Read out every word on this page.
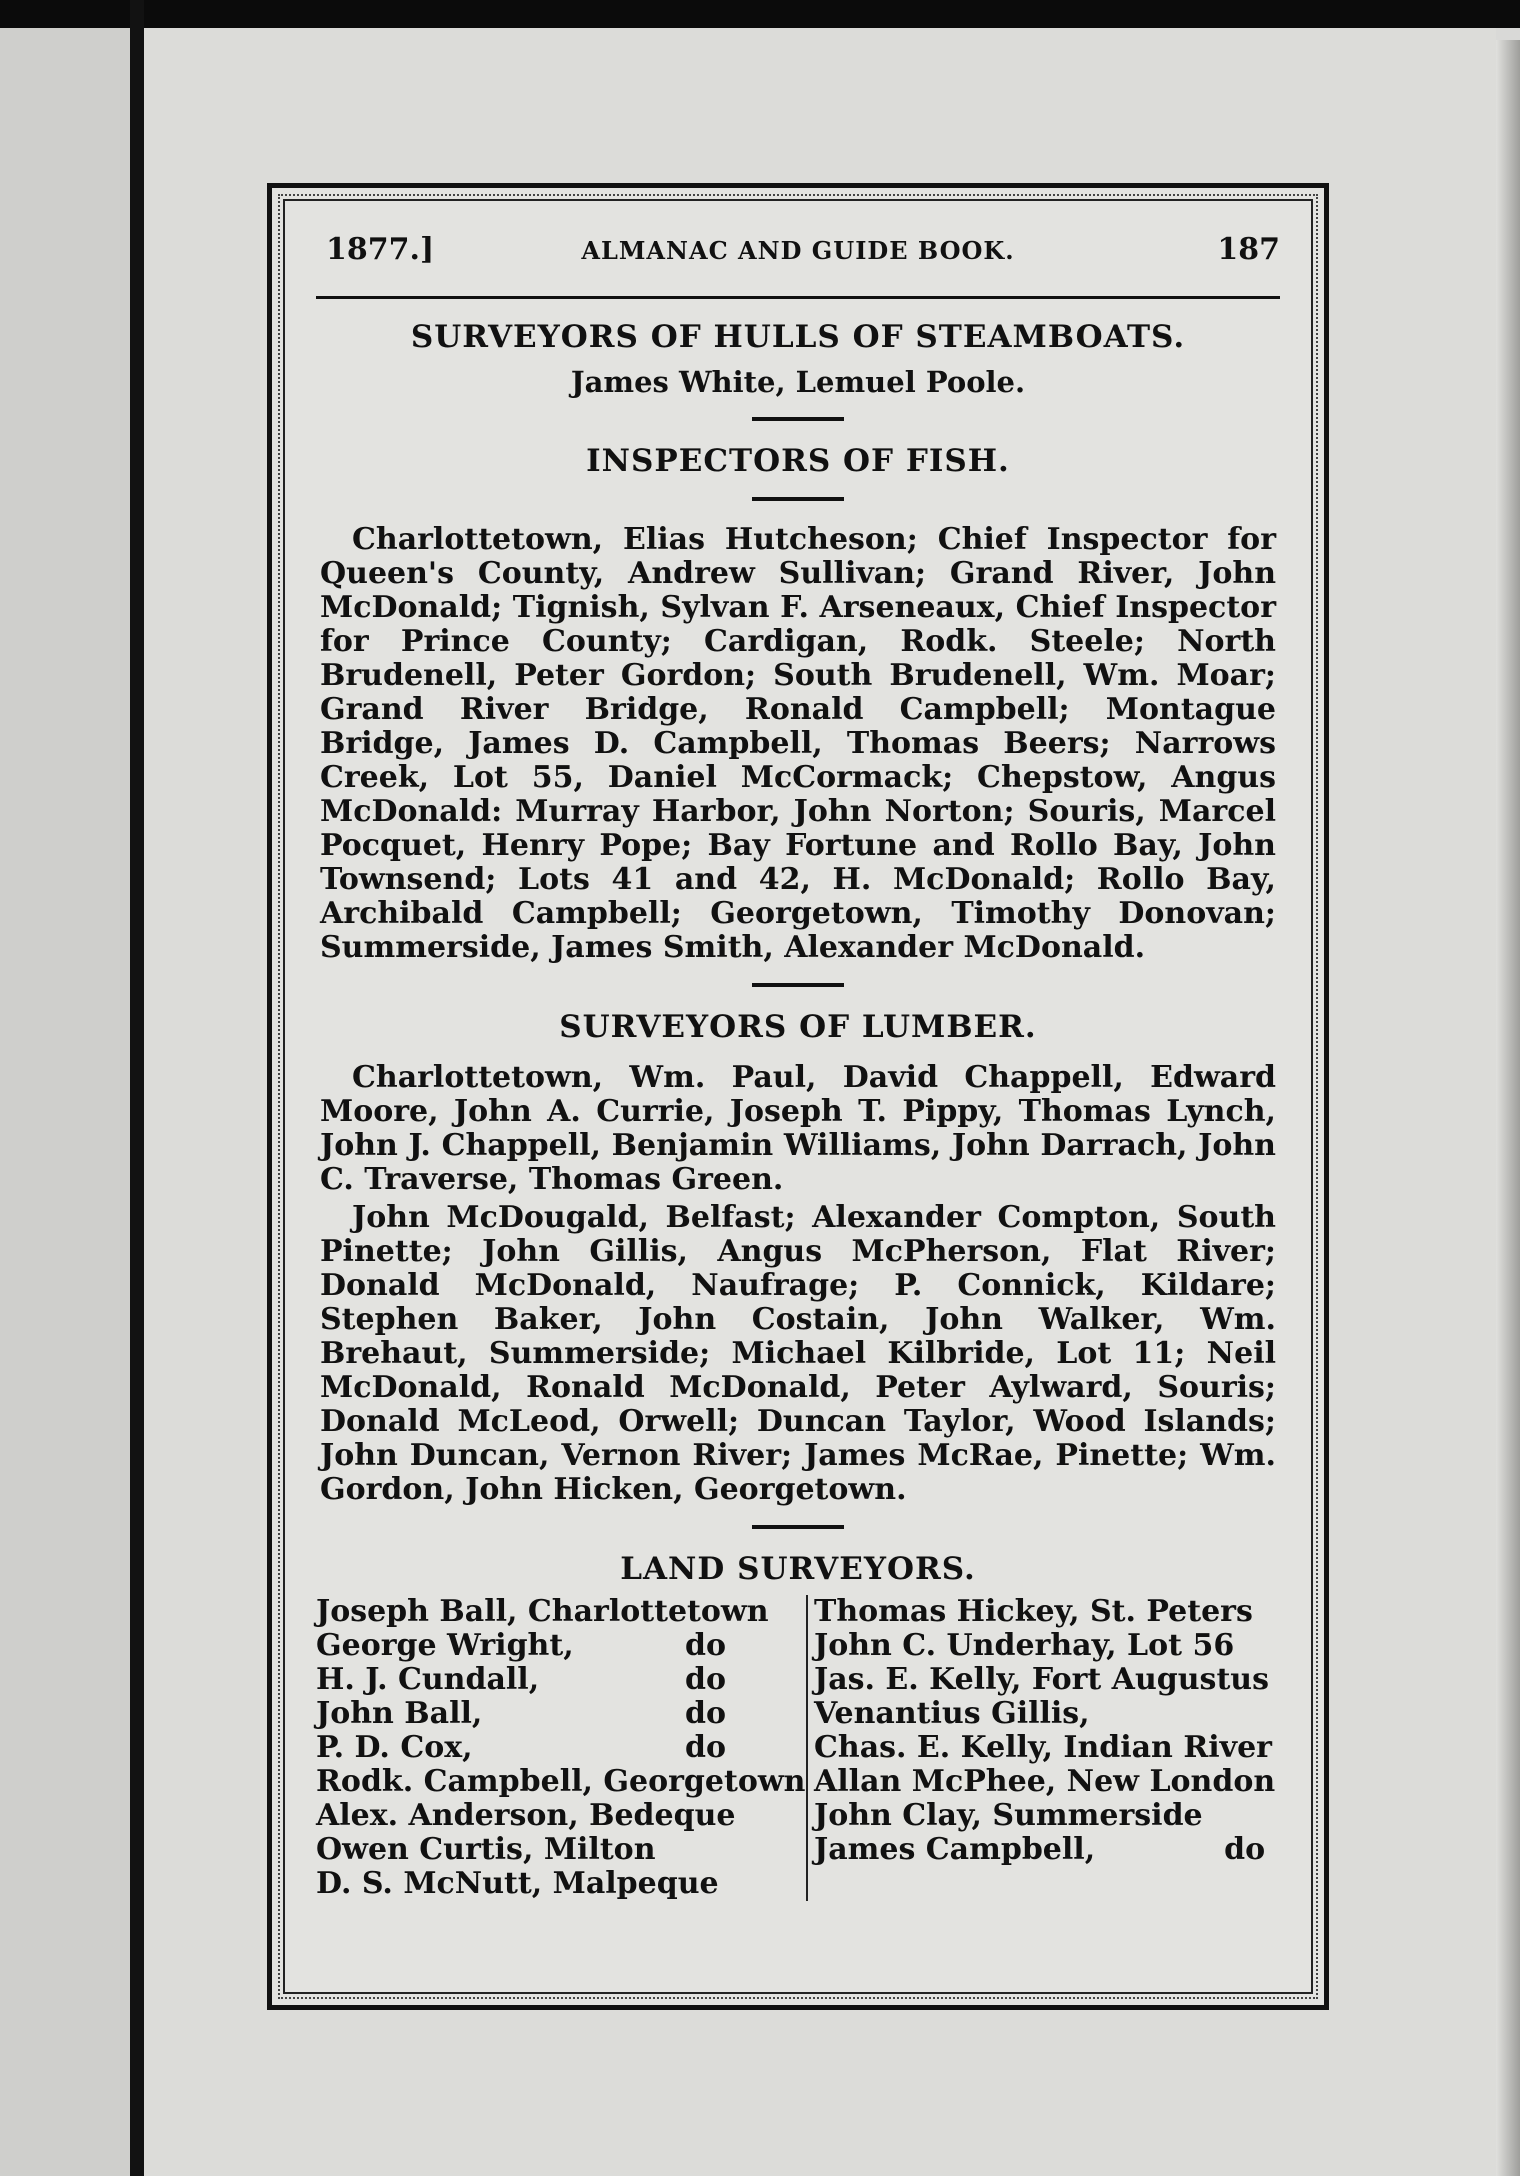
1877.]	ALMANAC AND GUIDE BOOK.	187
SURVEYORS OF HULLS OF STEAMBOATS.
James White, Lemuel Poole.
INSPECTORS OF FISH.

Charlottetown, Elias Hutcheson; Chief Inspector for Queen's County, Andrew Sullivan; Grand River, John McDonald; Tignish, Sylvan F. Arseneaux, Chief Inspector for Prince County; Cardigan, Rodk. Steele; North Brudenell, Peter Gordon; South Brudenell, Wm. Moar; Grand River Bridge, Ronald Campbell; Montague Bridge, James D. Campbell, Thomas Beers; Narrows Creek, Lot 55, Daniel McCormack; Chepstow, Angus McDonald: Murray Harbor, John Norton; Souris, Marcel Pocquet, Henry Pope; Bay Fortune and Rollo Bay, John Townsend; Lots 41 and 42, H. McDonald; Rollo Bay, Archibald Campbell; Georgetown, Timothy Donovan; Summerside, James Smith, Alexander McDonald.

SURVEYORS OF LUMBER.

Charlottetown, Wm. Paul, David Chappell, Edward Moore, John A. Currie, Joseph T. Pippy, Thomas Lynch, John J. Chappell, Benjamin Williams, John Darrach, John C. Traverse, Thomas Green.

John McDougald, Belfast; Alexander Compton, South Pinette; John Gillis, Angus McPherson, Flat River; Donald McDonald, Naufrage; P. Connick, Kildare; Stephen Baker, John Costain, John Walker, Wm. Brehaut, Summerside; Michael Kilbride, Lot 11; Neil McDonald, Ronald McDonald, Peter Aylward, Souris; Donald McLeod, Orwell; Duncan Taylor, Wood Islands; John Duncan, Vernon River; James McRae, Pinette; Wm. Gordon, John Hicken, Georgetown.

LAND SURVEYORS.
Joseph Ball, Charlottetown
George Wright,	do
H. J. Cundall,	do
John Ball,	do
P. D. Cox,	do
Rodk. Campbell, Georgetown
Alex. Anderson, Bedeque
Owen Curtis, Milton
D. S. McNutt, Malpeque
Thomas Hickey, St. Peters
John C. Underhay, Lot 56
Jas. E. Kelly, Fort Augustus
Venantius Gillis,
Chas. E. Kelly, Indian River
Allan McPhee, New London
John Clay, Summerside
James Campbell,	do
